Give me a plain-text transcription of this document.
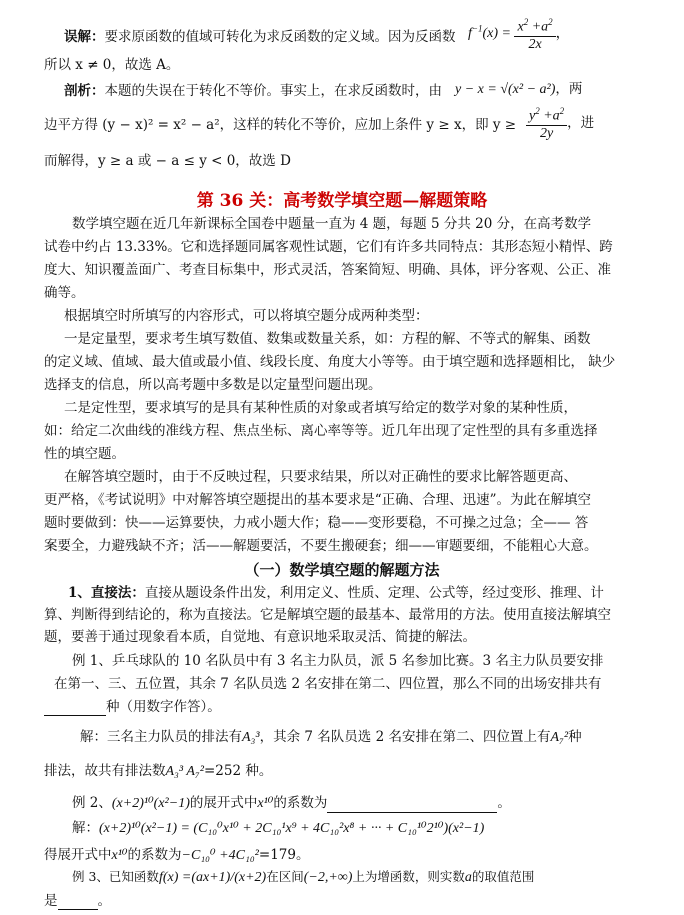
误解：要求原函数的值域可转化为求反函数的定义域。因为反函数 $f^{-1}(x) = \frac{x^2 +a^2}{2x}$ ，
所以 x ≠ 0，故选 A。
剖析：本题的失误在于转化不等价。事实上，在求反函数时，由 y − x = √(x² − a²)，两
边平方得 (y − x)² = x² − a²，这样的转化不等价，应加上条件 y ≥ x，即 $y \ge \frac{y^2 +a^2}{2y}$ ，进
而解得，y ≥ a 或 − a ≤ y < 0，故选 D
第 36 关：高考数学填空题—解题策略
数学填空题在近几年新课标全国卷中题量一直为 4 题，每题 5 分共 20 分，在高考数学
试卷中约占 13.33%。它和选择题同属客观性试题，它们有许多共同特点：其形态短小精悍、跨
度大、知识覆盖面广、考查目标集中，形式灵活，答案简短、明确、具体，评分客观、公正、准
确等。
根据填空时所填写的内容形式，可以将填空题分成两种类型：
一是定量型，要求考生填写数值、数集或数量关系，如：方程的解、不等式的解集、函数
的定义域、值域、最大值或最小值、线段长度、角度大小等等。由于填空题和选择题相比， 缺少
选择支的信息，所以高考题中多数是以定量型问题出现。
二是定性型，要求填写的是具有某种性质的对象或者填写给定的数学对象的某种性质，
如：给定二次曲线的准线方程、焦点坐标、离心率等等。近几年出现了定性型的具有多重选择
性的填空题。
在解答填空题时，由于不反映过程，只要求结果，所以对正确性的要求比解答题更高、
更严格，《考试说明》中对解答填空题提出的基本要求是“正确、合理、迅速”。为此在解填空
题时要做到：快——运算要快，力戒小题大作；稳——变形要稳，不可操之过急；全—— 答
案要全，力避残缺不齐；活——解题要活，不要生搬硬套；细——审题要细，不能粗心大意。
（一）数学填空题的解题方法
1、直接法：直接从题设条件出发，利用定义、性质、定理、公式等，经过变形、推理、计
算、判断得到结论的，称为直接法。它是解填空题的最基本、最常用的方法。使用直接法解填空
题，要善于通过现象看本质，自觉地、有意识地采取灵活、简捷的解法。
例 1、乒乓球队的 10 名队员中有 3 名主力队员，派 5 名参加比赛。3 名主力队员要安排
在第一、三、五位置，其余 7 名队员选 2 名安排在第二、四位置，那么不同的出场安排共有
种（用数字作答）。
解：三名主力队员的排法有A₃³，其余 7 名队员选 2 名安排在第二、四位置上有A₇²种
排法，故共有排法数A₃³ A₇²=252 种。
例 2、(x+2)¹⁰(x²−1)的展开式中x¹⁰的系数为	。
解：(x+2)¹⁰(x²−1) = (C₁₀⁰x¹⁰ + 2C₁₀¹x⁹ + 4C₁₀²x⁸ + ··· + C₁₀¹⁰2¹⁰)(x²−1)
得展开式中x¹⁰的系数为−C₁₀⁰ +4C₁₀²=179。
例 3、已知函数f(x) =(ax+1)/(x+2)在区间(−2,+∞)上为增函数，则实数a的取值范围
是	。
